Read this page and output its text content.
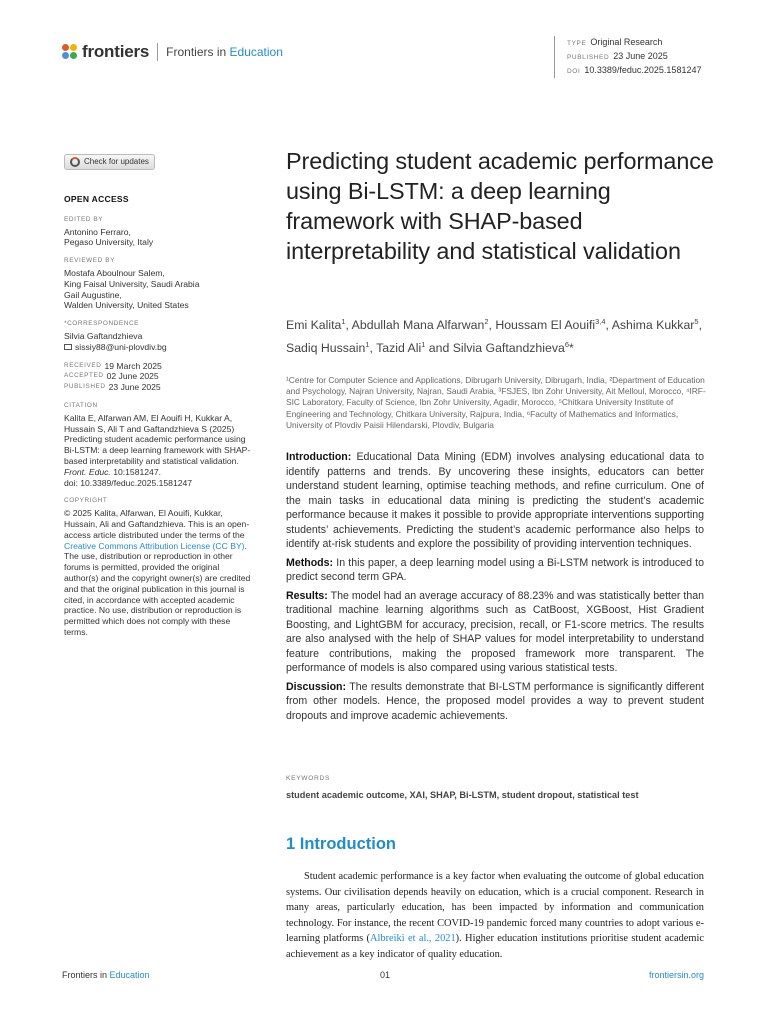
frontiers Frontiers in Education
TYPE Original Research
PUBLISHED 23 June 2025
DOI 10.3389/feduc.2025.1581247
Check for updates
OPEN ACCESS
EDITED BY
Antonino Ferraro,
Pegaso University, Italy
REVIEWED BY
Mostafa Aboulnour Salem,
King Faisal University, Saudi Arabia
Gail Augustine,
Walden University, United States
*CORRESPONDENCE
Silvia Gaftandzhieva
sissiy88@uni-plovdiv.bg
RECEIVED 19 March 2025
ACCEPTED 02 June 2025
PUBLISHED 23 June 2025
CITATION
Kalita E, Alfarwan AM, El Aouifi H, Kukkar A, Hussain S, Ali T and Gaftandzhieva S (2025) Predicting student academic performance using Bi-LSTM: a deep learning framework with SHAP-based interpretability and statistical validation.
Front. Educ. 10:1581247.
doi: 10.3389/feduc.2025.1581247
COPYRIGHT
© 2025 Kalita, Alfarwan, El Aouifi, Kukkar, Hussain, Ali and Gaftandzhieva. This is an open-access article distributed under the terms of the Creative Commons Attribution License (CC BY). The use, distribution or reproduction in other forums is permitted, provided the original author(s) and the copyright owner(s) are credited and that the original publication in this journal is cited, in accordance with accepted academic practice. No use, distribution or reproduction is permitted which does not comply with these terms.
Predicting student academic performance using Bi-LSTM: a deep learning framework with SHAP-based interpretability and statistical validation
Emi Kalita$^1$, Abdullah Mana Alfarwan$^2$, Houssam El Aouifi$^{3,4}$, Ashima Kukkar$^5$, Sadiq Hussain$^1$, Tazid Ali$^1$ and Silvia Gaftandzhieva$^6$*
¹Centre for Computer Science and Applications, Dibrugarh University, Dibrugarh, India, ²Department of Education and Psychology, Najran University, Najran, Saudi Arabia, ³FSJES, Ibn Zohr University, Ait Melloul, Morocco, ⁴IRF-SIC Laboratory, Faculty of Science, Ibn Zohr University, Agadir, Morocco, ⁵Chitkara University Institute of Engineering and Technology, Chitkara University, Rajpura, India, ⁶Faculty of Mathematics and Informatics, University of Plovdiv Paisii Hilendarski, Plovdiv, Bulgaria

Introduction: Educational Data Mining (EDM) involves analysing educational data to identify patterns and trends. By uncovering these insights, educators can better understand student learning, optimise teaching methods, and refine curriculum. One of the main tasks in educational data mining is predicting the student’s academic performance because it makes it possible to provide appropriate interventions supporting students’ achievements. Predicting the student’s academic performance also helps to identify at-risk students and explore the possibility of providing intervention techniques.

Methods: In this paper, a deep learning model using a Bi-LSTM network is introduced to predict second term GPA.

Results: The model had an average accuracy of 88.23% and was statistically better than traditional machine learning algorithms such as CatBoost, XGBoost, Hist Gradient Boosting, and LightGBM for accuracy, precision, recall, or F1-score metrics. The results are also analysed with the help of SHAP values for model interpretability to understand feature contributions, making the proposed framework more transparent. The performance of models is also compared using various statistical tests.

Discussion: The results demonstrate that BI-LSTM performance is significantly different from other models. Hence, the proposed model provides a way to prevent student dropouts and improve academic achievements.

KEYWORDS
student academic outcome, XAI, SHAP, Bi-LSTM, student dropout, statistical test
1 Introduction

Student academic performance is a key factor when evaluating the outcome of global education systems. Our civilisation depends heavily on education, which is a crucial component. Research in many areas, particularly education, has been impacted by information and communication technology. For instance, the recent COVID-19 pandemic forced many countries to adopt various e-learning platforms (Albreiki et al., 2021). Higher education institutions prioritise student academic achievement as a key indicator of quality education.

Frontiers in Education	01	frontiersin.org
